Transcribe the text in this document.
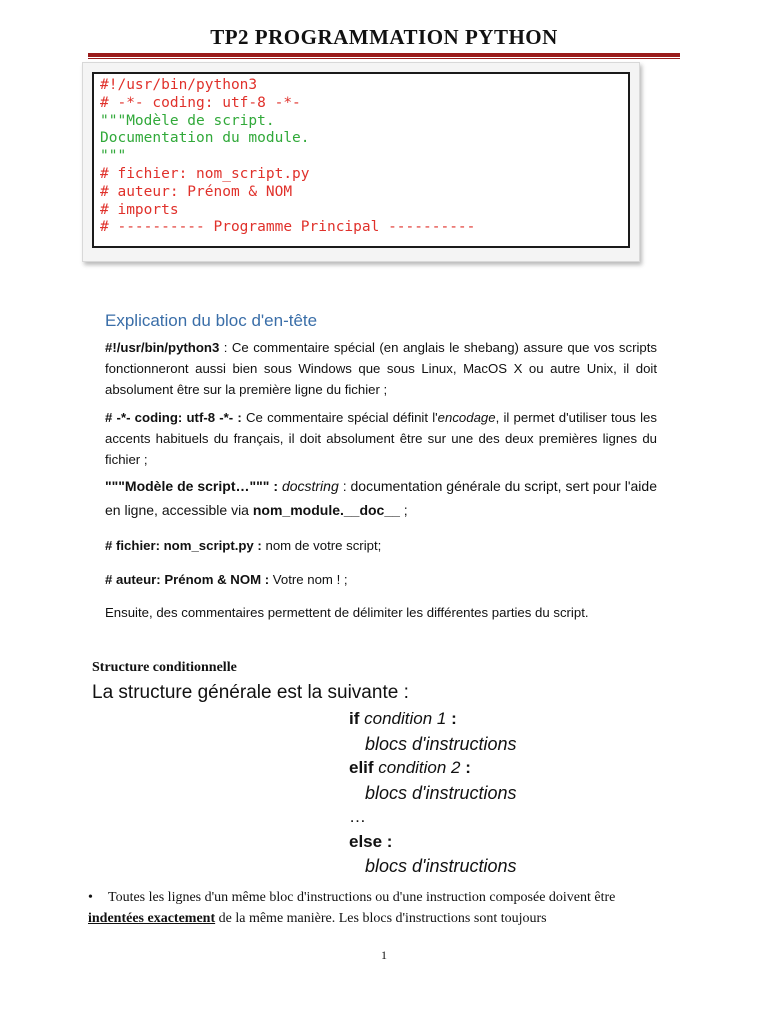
TP2 PROGRAMMATION PYTHON
#!/usr/bin/python3
# -*- coding: utf-8 -*-
"""Modèle de script.
Documentation du module.
"""
# fichier: nom_script.py
# auteur: Prénom & NOM
# imports
# ---------- Programme Principal ----------
Explication du bloc d'en-tête
#!/usr/bin/python3 : Ce commentaire spécial (en anglais le shebang) assure que vos scripts fonctionneront aussi bien sous Windows que sous Linux, MacOS X ou autre Unix, il doit absolument être sur la première ligne du fichier ;
# -*- coding: utf-8 -*- : Ce commentaire spécial définit l'encodage, il permet d'utiliser tous les accents habituels du français, il doit absolument être sur une des deux premières lignes du fichier ;
"""Modèle de script…""" : docstring : documentation générale du script, sert pour l'aide en ligne, accessible via nom_module.__doc__ ;
# fichier: nom_script.py : nom de votre script;
# auteur: Prénom & NOM : Votre nom ! ;
Ensuite, des commentaires permettent de délimiter les différentes parties du script.
Structure conditionnelle
La structure générale est la suivante :
if condition 1 :
blocs d'instructions
elif condition 2 :
blocs d'instructions
…
else :
blocs d'instructions
• Toutes les lignes d'un même bloc d'instructions ou d'une instruction composée doivent être indentées exactement de la même manière. Les blocs d'instructions sont toujours
1
